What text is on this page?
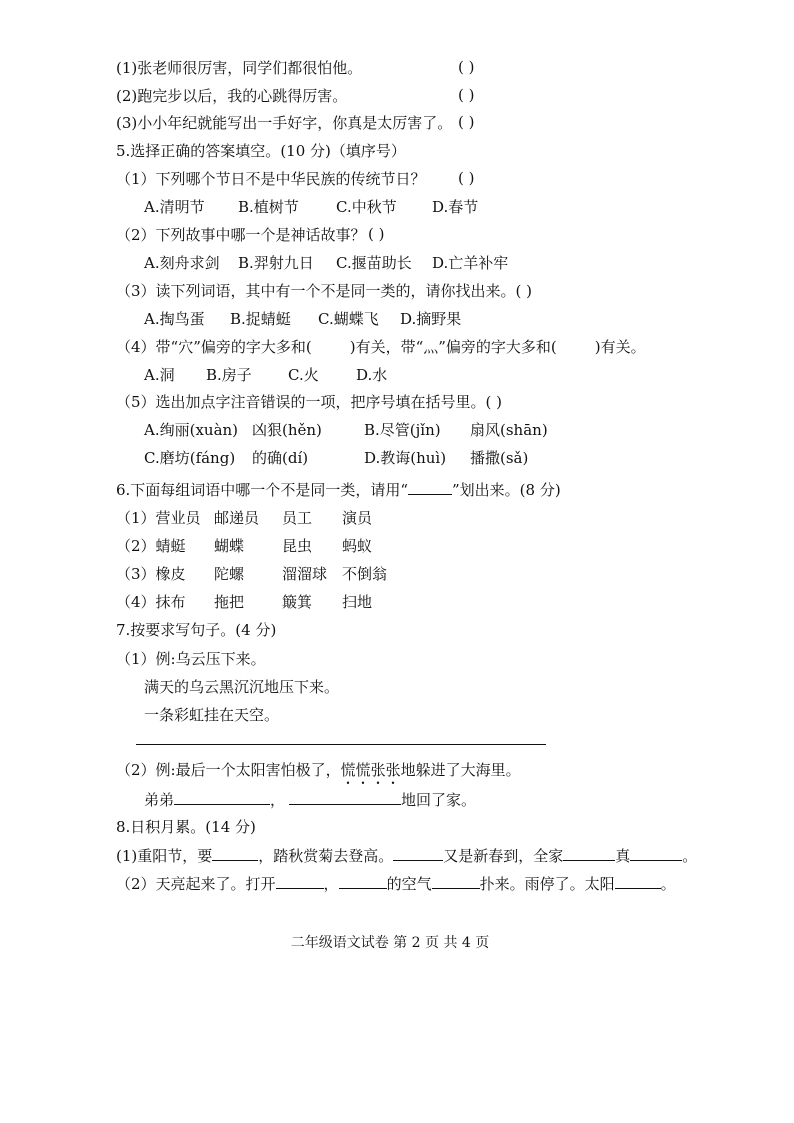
(1)张老师很厉害，同学们都很怕他。	( )
(2)跑完步以后，我的心跳得厉害。	( )
(3)小小年纪就能写出一手好字，你真是太厉害了。 ( )
5.选择正确的答案填空。(10 分)（填序号）
（1）下列哪个节日不是中华民族的传统节日？ ( )
A.清明节 B.植树节 C.中秋节 D.春节
（2）下列故事中哪一个是神话故事？ ( )
A.刻舟求剑 B.羿射九日 C.揠苗助长 D.亡羊补牢
（3）读下列词语，其中有一个不是同一类的，请你找出来。( )
A.掏鸟蛋 B.捉蜻蜓 C.蝴蝶飞 D.摘野果
（4）带“穴”偏旁的字大多和(	)有关，带“灬”偏旁的字大多和(	)有关。
A.洞 B.房子 C.火 D.水
（5）选出加点字注音错误的一项，把序号填在括号里。( )
A.绚丽(xuàn) 凶狠(hěn)	B.尽管(jǐn) 扇风(shān)
C.磨坊(fáng) 的确(dí)	D.教诲(huì) 播撒(sǎ)
6.下面每组词语中哪一个不是同一类，请用“	”划出来。(8 分)
（1）营业员 邮递员 员工 演员
（2）蜻蜓 蝴蝶	昆虫 蚂蚁
（3）橡皮 陀螺	溜溜球 不倒翁
（4）抹布 拖把	簸箕 扫地
7.按要求写句子。(4 分)
（1）例:乌云压下来。
满天的乌云黑沉沉地压下来。
一条彩虹挂在天空。
（2）例:最后一个太阳害怕极了，慌慌张张地躲进了大海里。
弟弟	，	地回了家。
8.日积月累。(14 分)
(1)重阳节，要	，踏秋赏菊去登高。	又是新春到，全家	真	。
（2）天亮起来了。打开	，	的空气	扑来。雨停了。太阳	。
二年级语文试卷 第 2 页 共 4 页
